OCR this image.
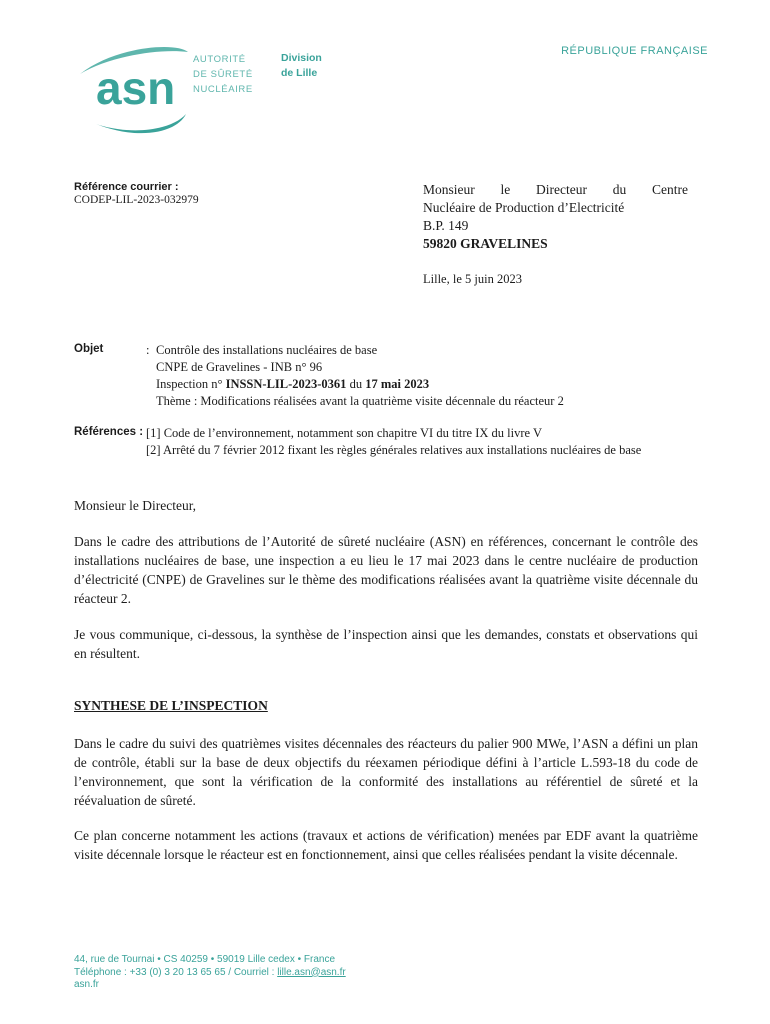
asn
AUTORITÉ
DE SÛRETÉ
NUCLÉAIRE
Division
de Lille
RÉPUBLIQUE FRANÇAISE
Référence courrier :
CODEP-LIL-2023-032979
Monsieur le Directeur du Centre
Nucléaire de Production d’Electricité
B.P. 149
59820 GRAVELINES
Lille, le 5 juin 2023
Objet	: Contrôle des installations nucléaires de base
CNPE de Gravelines - INB n° 96
Inspection n° INSSN-LIL-2023-0361 du 17 mai 2023
Thème : Modifications réalisées avant la quatrième visite décennale du réacteur 2
Références : [1] Code de l’environnement, notamment son chapitre VI du titre IX du livre V
[2] Arrêté du 7 février 2012 fixant les règles générales relatives aux installations nucléaires de base
Monsieur le Directeur,
Dans le cadre des attributions de l’Autorité de sûreté nucléaire (ASN) en références, concernant le contrôle des installations nucléaires de base, une inspection a eu lieu le 17 mai 2023 dans le centre nucléaire de production d’électricité (CNPE) de Gravelines sur le thème des modifications réalisées avant la quatrième visite décennale du réacteur 2.
Je vous communique, ci-dessous, la synthèse de l’inspection ainsi que les demandes, constats et observations qui en résultent.
SYNTHESE DE L’INSPECTION
Dans le cadre du suivi des quatrièmes visites décennales des réacteurs du palier 900 MWe, l’ASN a défini un plan de contrôle, établi sur la base de deux objectifs du réexamen périodique défini à l’article L.593-18 du code de l’environnement, que sont la vérification de la conformité des installations au référentiel de sûreté et la réévaluation de sûreté.
Ce plan concerne notamment les actions (travaux et actions de vérification) menées par EDF avant la quatrième visite décennale lorsque le réacteur est en fonctionnement, ainsi que celles réalisées pendant la visite décennale.
44, rue de Tournai • CS 40259 • 59019 Lille cedex • France
Téléphone : +33 (0) 3 20 13 65 65 / Courriel : lille.asn@asn.fr
asn.fr
